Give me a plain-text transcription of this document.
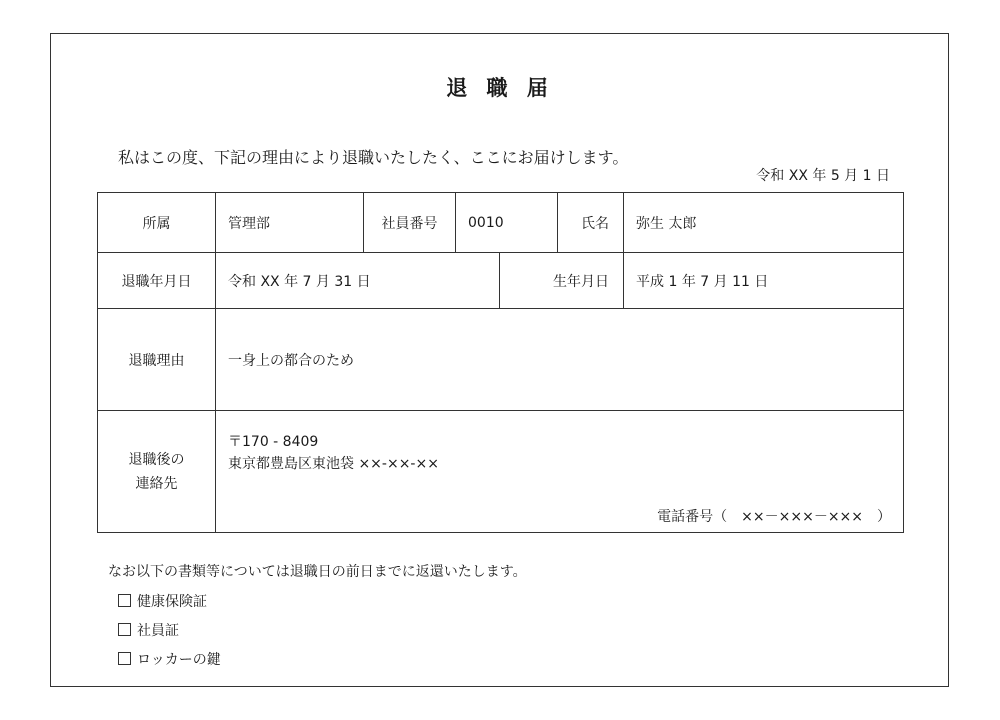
退 職 届
私はこの度、下記の理由により退職いたしたく、ここにお届けします。
令和 XX 年 5 月 1 日
所属	管理部	社員番号	0010		氏名	弥生 太郎
退職年月日	令和 XX 年 7 月 31 日			生年月日		平成 1 年 7 月 11 日
退職理由	一身上の都合のため					

退職後の
連絡先	〒170 - 8409
東京都豊島区東池袋 ××-××-××
電話番号（　××－×××－×××　）					
なお以下の書類等については退職日の前日までに返還いたします。
健康保険証
社員証
ロッカーの鍵
